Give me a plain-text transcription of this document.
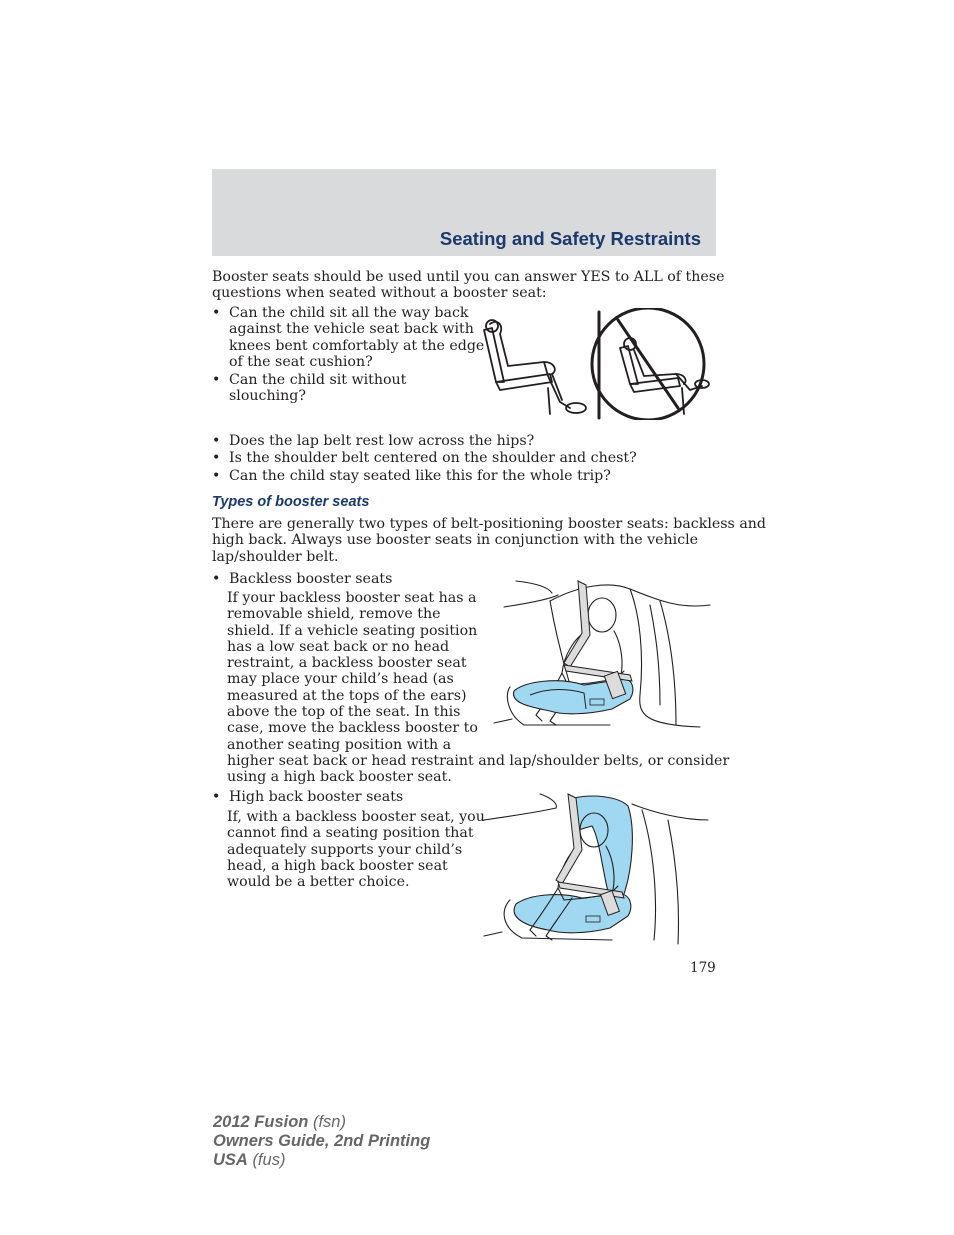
Seating and Safety Restraints
Booster seats should be used until you can answer YES to ALL of these
questions when seated without a booster seat:
• Can the child sit all the way back
against the vehicle seat back with
knees bent comfortably at the edge
of the seat cushion?
• Can the child sit without
slouching?
• Does the lap belt rest low across the hips?
• Is the shoulder belt centered on the shoulder and chest?
• Can the child stay seated like this for the whole trip?
Types of booster seats
There are generally two types of belt-positioning booster seats: backless and
high back. Always use booster seats in conjunction with the vehicle
lap/shoulder belt.
• Backless booster seats
If your backless booster seat has a
removable shield, remove the
shield. If a vehicle seating position
has a low seat back or no head
restraint, a backless booster seat
may place your child’s head (as
measured at the tops of the ears)
above the top of the seat. In this
case, move the backless booster to
another seating position with a
higher seat back or head restraint and lap/shoulder belts, or consider
using a high back booster seat.
• High back booster seats
If, with a backless booster seat, you
cannot find a seating position that
adequately supports your child’s
head, a high back booster seat
would be a better choice.
179
2012 Fusion (fsn)
Owners Guide, 2nd Printing
USA (fus)
